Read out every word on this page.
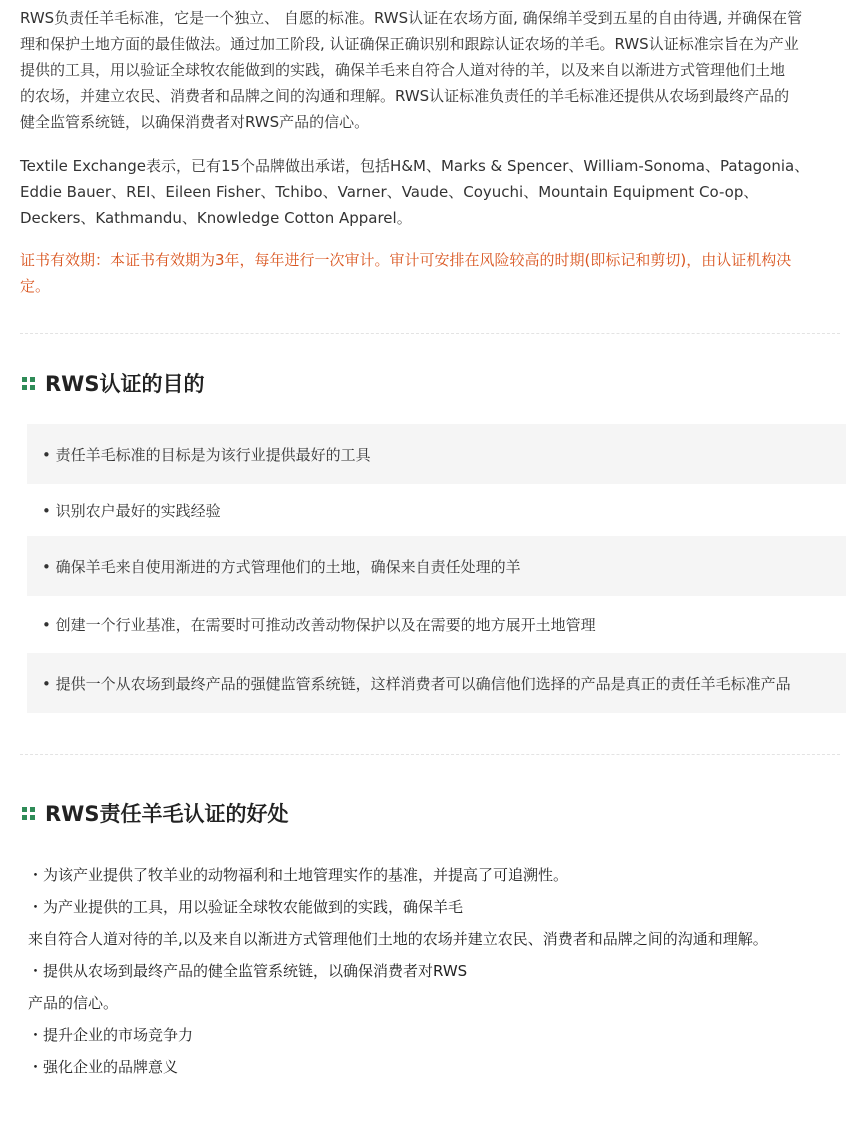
RWS负责任羊毛标准，它是一个独立、 自愿的标准。RWS认证在农场方面, 确保绵羊受到五星的自由待遇, 并确保在管
理和保护土地方面的最佳做法。通过加工阶段, 认证确保正确识别和跟踪认证农场的羊毛。RWS认证标准宗旨在为产业
提供的工具，用以验证全球牧农能做到的实践，确保羊毛来自符合人道对待的羊，以及来自以渐进方式管理他们土地
的农场，并建立农民、消费者和品牌之间的沟通和理解。RWS认证标准负责任的羊毛标准还提供从农场到最终产品的
健全监管系统链，以确保消费者对RWS产品的信心。

Textile Exchange表示，已有15个品牌做出承诺，包括H&M、Marks & Spencer、William-Sonoma、Patagonia、
Eddie Bauer、REI、Eileen Fisher、Tchibo、Varner、Vaude、Coyuchi、Mountain Equipment Co-op、
Deckers、Kathmandu、Knowledge Cotton Apparel。

证书有效期：本证书有效期为3年，每年进行一次审计。审计可安排在风险较高的时期(即标记和剪切)，由认证机构决
定。

RWS认证的目的
• 责任羊毛标准的目标是为该行业提供最好的工具
• 识别农户最好的实践经验
• 确保羊毛来自使用渐进的方式管理他们的土地，确保来自责任处理的羊
• 创建一个行业基准，在需要时可推动改善动物保护以及在需要的地方展开土地管理
• 提供一个从农场到最终产品的强健监管系统链，这样消费者可以确信他们选择的产品是真正的责任羊毛标准产品
RWS责任羊毛认证的好处
・为该产业提供了牧羊业的动物福利和土地管理实作的基准，并提高了可追溯性。
・为产业提供的工具，用以验证全球牧农能做到的实践，确保羊毛
来自符合人道对待的羊,以及来自以渐进方式管理他们土地的农场并建立农民、消费者和品牌之间的沟通和理解。
・提供从农场到最终产品的健全监管系统链，以确保消费者对RWS
产品的信心。
・提升企业的市场竞争力
・强化企业的品牌意义
